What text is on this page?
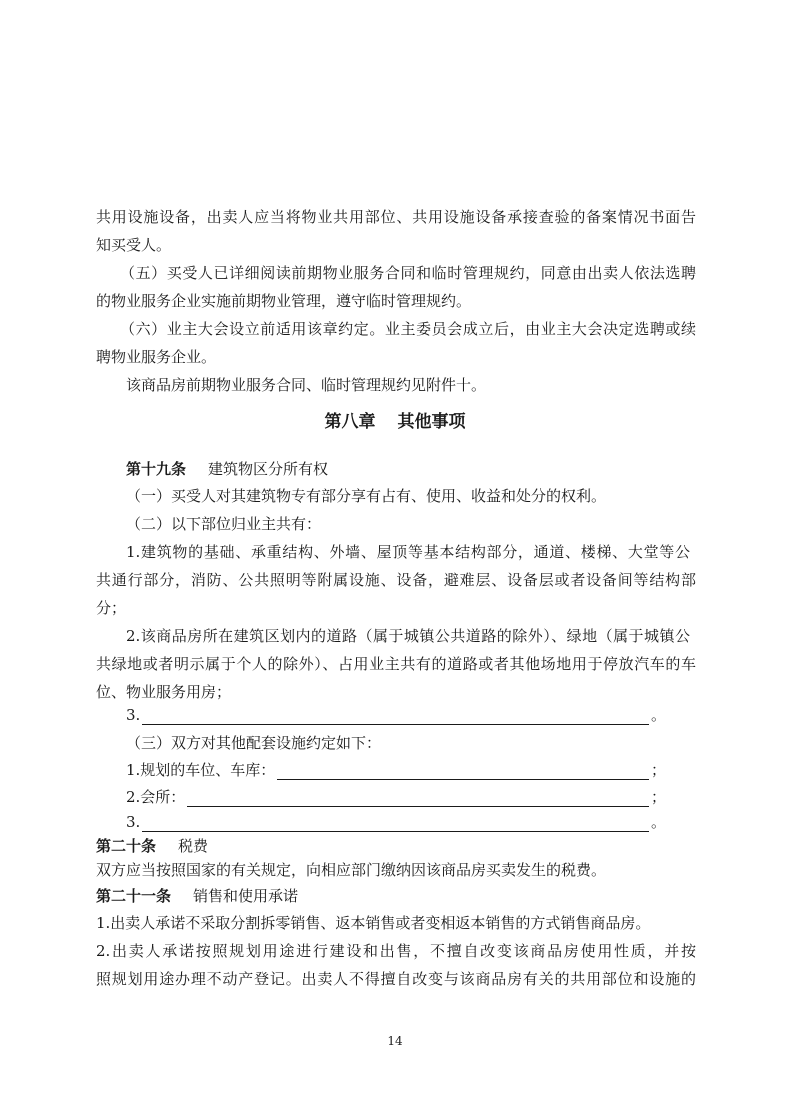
共用设施设备，出卖人应当将物业共用部位、共用设施设备承接查验的备案情况书面告
知买受人。
（五）买受人已详细阅读前期物业服务合同和临时管理规约，同意由出卖人依法选聘
的物业服务企业实施前期物业管理，遵守临时管理规约。
（六）业主大会设立前适用该章约定。业主委员会成立后，由业主大会决定选聘或续
聘物业服务企业。
该商品房前期物业服务合同、临时管理规约见附件十。
第八章 其他事项
第十九条 建筑物区分所有权
（一）买受人对其建筑物专有部分享有占有、使用、收益和处分的权利。
（二）以下部位归业主共有：
1.建筑物的基础、承重结构、外墙、屋顶等基本结构部分，通道、楼梯、大堂等公
共通行部分，消防、公共照明等附属设施、设备，避难层、设备层或者设备间等结构部
分；
2.该商品房所在建筑区划内的道路（属于城镇公共道路的除外）、绿地（属于城镇公
共绿地或者明示属于个人的除外）、占用业主共有的道路或者其他场地用于停放汽车的车
位、物业服务用房；
3.	。
（三）双方对其他配套设施约定如下：
1.规划的车位、车库：	；
2.会所：	；
3.	。
第二十条 税费
双方应当按照国家的有关规定，向相应部门缴纳因该商品房买卖发生的税费。
第二十一条 销售和使用承诺
1.出卖人承诺不采取分割拆零销售、返本销售或者变相返本销售的方式销售商品房。
2.出卖人承诺按照规划用途进行建设和出售，不擅自改变该商品房使用性质，并按
照规划用途办理不动产登记。出卖人不得擅自改变与该商品房有关的共用部位和设施的
14
